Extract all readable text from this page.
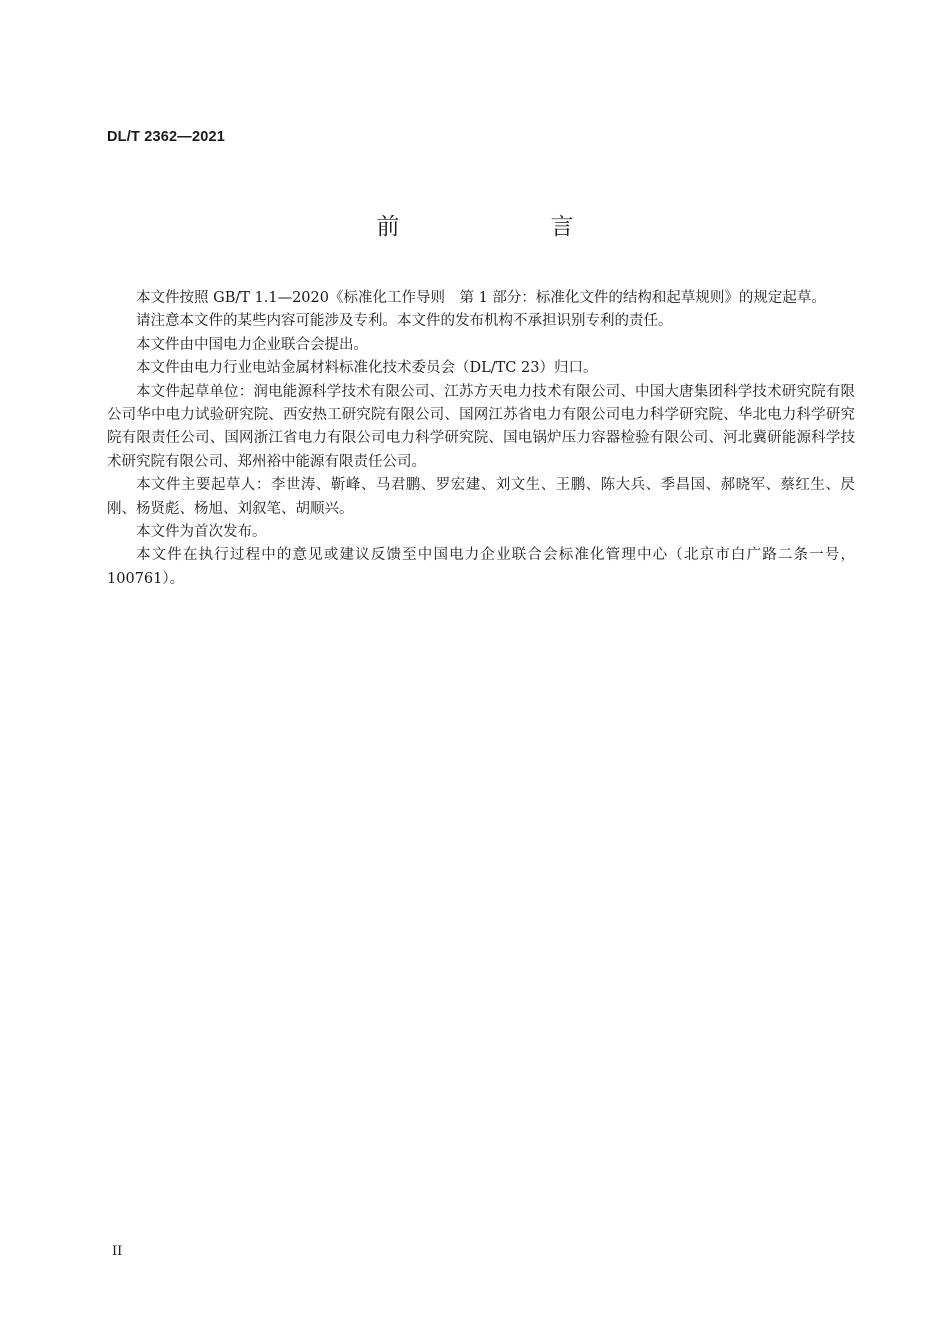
DL/T 2362—2021
前　言

本文件按照 GB/T 1.1—2020《标准化工作导则　第 1 部分：标准化文件的结构和起草规则》的规定起草。

请注意本文件的某些内容可能涉及专利。本文件的发布机构不承担识别专利的责任。

本文件由中国电力企业联合会提出。

本文件由电力行业电站金属材料标准化技术委员会（DL/TC 23）归口。

本文件起草单位：润电能源科学技术有限公司、江苏方天电力技术有限公司、中国大唐集团科学技术研究院有限公司华中电力试验研究院、西安热工研究院有限公司、国网江苏省电力有限公司电力科学研究院、华北电力科学研究院有限责任公司、国网浙江省电力有限公司电力科学研究院、国电锅炉压力容器检验有限公司、河北冀研能源科学技术研究院有限公司、郑州裕中能源有限责任公司。

本文件主要起草人：李世涛、靳峰、马君鹏、罗宏建、刘文生、王鹏、陈大兵、季昌国、郝晓军、蔡红生、昃刚、杨贤彪、杨旭、刘叙笔、胡顺兴。

本文件为首次发布。

本文件在执行过程中的意见或建议反馈至中国电力企业联合会标准化管理中心（北京市白广路二条一号，100761）。

II
